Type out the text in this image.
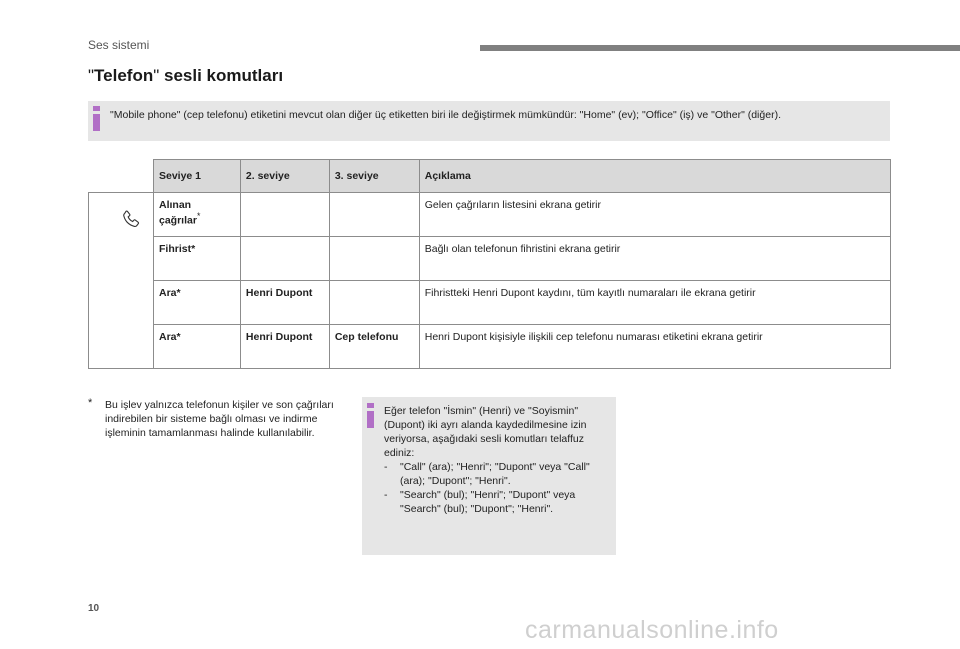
Ses sistemi
"Telefon" sesli komutları
"Mobile phone" (cep telefonu) etiketini mevcut olan diğer üç etiketten biri ile değiştirmek mümkündür: "Home" (ev); "Office" (iş) ve "Other" (diğer).
	Seviye 1	2. seviye	3. seviye	Açıklama

	Alınan çağrılar*			Gelen çağrıların listesini ekrana getirir
	Fihrist*			Bağlı olan telefonun fihristini ekrana getirir
	Ara*	Henri Dupont		Fihristteki Henri Dupont kaydını, tüm kayıtlı numaraları ile ekrana getirir
	Ara*	Henri Dupont	Cep telefonu	Henri Dupont kişisiyle ilişkili cep telefonu numarası etiketini ekrana getirir
* Bu işlev yalnızca telefonun kişiler ve son çağrıları indirebilen bir sisteme bağlı olması ve indirme işleminin tamamlanması halinde kullanılabilir.
Eğer telefon "İsmin" (Henri) ve "Soyismin" (Dupont) iki ayrı alanda kaydedilmesine izin veriyorsa, aşağıdaki sesli komutları telaffuz ediniz:
- "Call" (ara); "Henri"; "Dupont" veya "Call" (ara); "Dupont"; "Henri".
- "Search" (bul); "Henri"; "Dupont" veya "Search" (bul); "Dupont"; "Henri".
10
carmanualsonline.info
